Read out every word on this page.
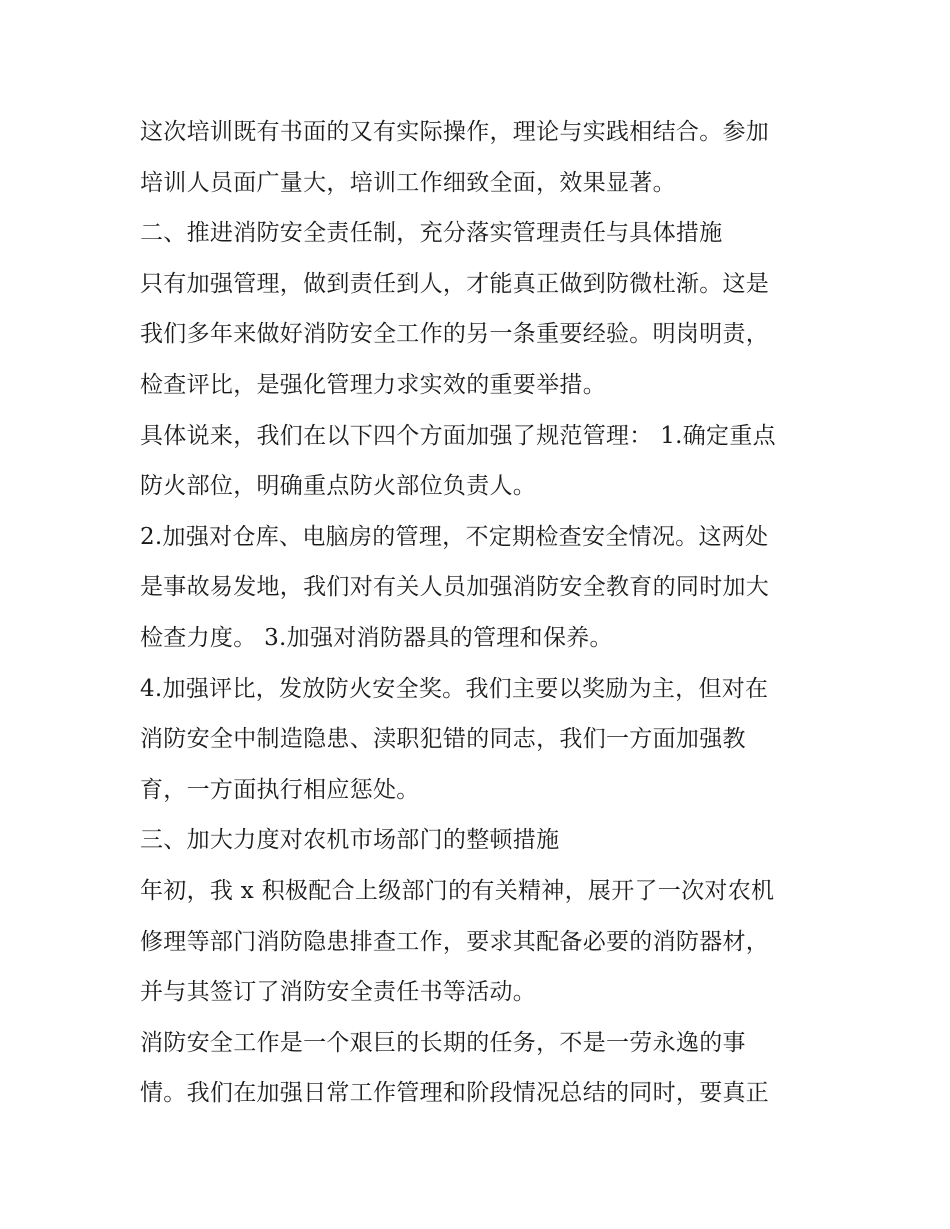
这次培训既有书面的又有实际操作，理论与实践相结合。参加
培训人员面广量大，培训工作细致全面，效果显著。
二、推进消防安全责任制，充分落实管理责任与具体措施
只有加强管理，做到责任到人，才能真正做到防微杜渐。这是
我们多年来做好消防安全工作的另一条重要经验。明岗明责，
检查评比，是强化管理力求实效的重要举措。
具体说来，我们在以下四个方面加强了规范管理： 1.确定重点
防火部位，明确重点防火部位负责人。
2.加强对仓库、电脑房的管理，不定期检查安全情况。这两处
是事故易发地，我们对有关人员加强消防安全教育的同时加大
检查力度。 3.加强对消防器具的管理和保养。
4.加强评比，发放防火安全奖。我们主要以奖励为主，但对在
消防安全中制造隐患、渎职犯错的同志，我们一方面加强教
育，一方面执行相应惩处。
三、加大力度对农机市场部门的整顿措施
年初，我 x 积极配合上级部门的有关精神，展开了一次对农机
修理等部门消防隐患排查工作，要求其配备必要的消防器材，
并与其签订了消防安全责任书等活动。
消防安全工作是一个艰巨的长期的任务，不是一劳永逸的事
情。我们在加强日常工作管理和阶段情况总结的同时，要真正
